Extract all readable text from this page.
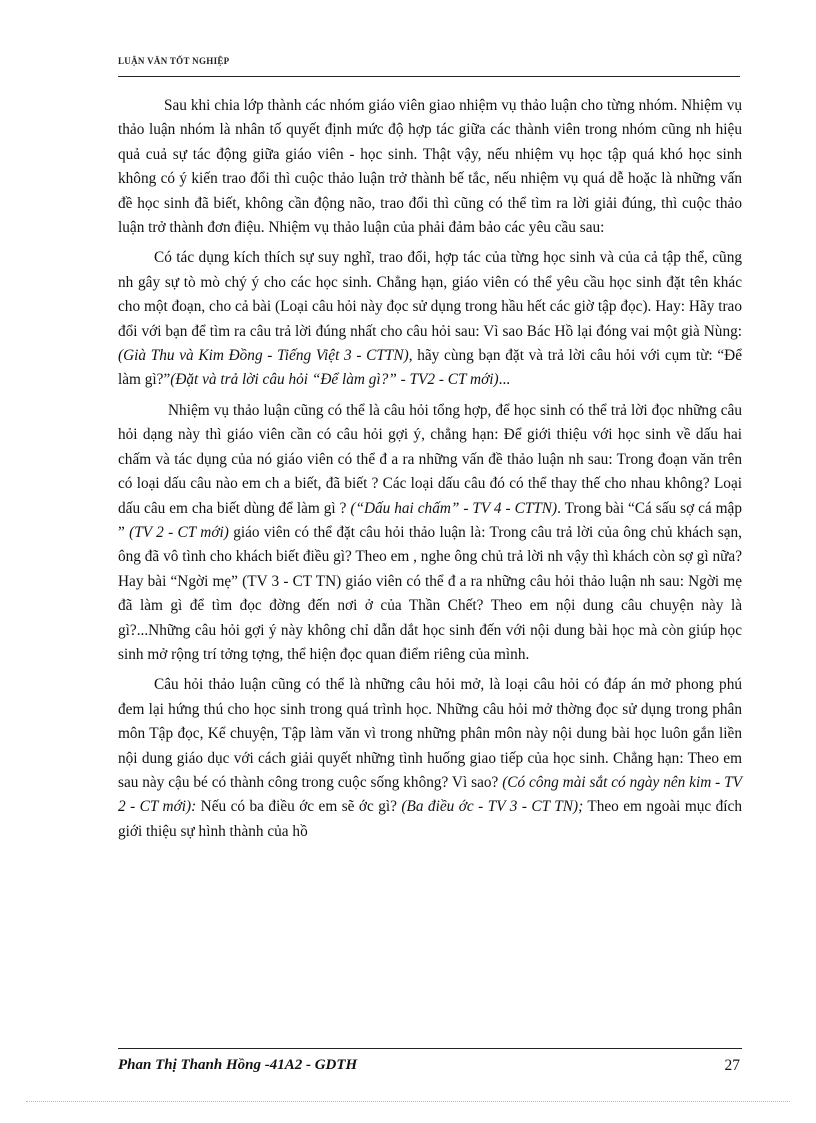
LUẬN VĂN TỐT NGHIỆP

Sau khi chia lớp thành các nhóm giáo viên giao nhiệm vụ thảo luận cho từng nhóm. Nhiệm vụ thảo luận nhóm là nhân tố quyết định mức độ hợp tác giữa các thành viên trong nhóm cũng nh hiệu quả cuả sự tác động giữa giáo viên - học sinh. Thật vậy, nếu nhiệm vụ học tập quá khó học sinh không có ý kiến trao đổi thì cuộc thảo luận trở thành bế tắc, nếu nhiệm vụ quá dễ hoặc là những vấn đề học sinh đã biết, không cần động não, trao đổi thì cũng có thể tìm ra lời giải đúng, thì cuộc thảo luận trở thành đơn điệu. Nhiệm vụ thảo luận của phải đảm bảo các yêu cầu sau:

Có tác dụng kích thích sự suy nghĩ, trao đổi, hợp tác của từng học sinh và của cả tập thể, cũng nh gây sự tò mò chý ý cho các học sinh. Chẳng hạn, giáo viên có thể yêu cầu học sinh đặt tên khác cho một đoạn, cho cả bài (Loại câu hỏi này đọc sử dụng trong hầu hết các giờ tập đọc). Hay: Hãy trao đổi với bạn để tìm ra câu trả lời đúng nhất cho câu hỏi sau: Vì sao Bác Hồ lại đóng vai một già Nùng: (Già Thu và Kim Đồng - Tiếng Việt 3 - CTTN), hãy cùng bạn đặt và trả lời câu hỏi với cụm từ: “Để làm gì?”(Đặt và trả lời câu hỏi “Để làm gì?” - TV2 - CT mới)...

Nhiệm vụ thảo luận cũng có thể là câu hỏi tổng hợp, để học sinh có thể trả lời đọc những câu hỏi dạng này thì giáo viên cần có câu hỏi gợi ý, chẳng hạn: Để giới thiệu với học sinh về dấu hai chấm và tác dụng của nó giáo viên có thể đ a ra những vấn đề thảo luận nh sau: Trong đoạn văn trên có loại dấu câu nào em ch a biết, đã biết ? Các loại dấu câu đó có thể thay thế cho nhau không? Loại dấu câu em cha biết dùng để làm gì ? (“Dấu hai chấm” - TV 4 - CTTN). Trong bài “Cá sấu sợ cá mập ” (TV 2 - CT mới) giáo viên có thể đặt câu hỏi thảo luận là: Trong câu trả lời của ông chủ khách sạn, ông đã vô tình cho khách biết điều gì? Theo em , nghe ông chủ trả lời nh vậy thì khách còn sợ gì nữa? Hay bài “Ngời mẹ” (TV 3 - CT TN) giáo viên có thể đ a ra những câu hỏi thảo luận nh sau: Ngời mẹ đã làm gì để tìm đọc đờng đến nơi ở của Thần Chết? Theo em nội dung câu chuyện này là gì?...Những câu hỏi gợi ý này không chỉ dẫn dắt học sinh đến với nội dung bài học mà còn giúp học sinh mở rộng trí tởng tợng, thể hiện đọc quan điểm riêng của mình.

Câu hỏi thảo luận cũng có thể là những câu hỏi mở, là loại câu hỏi có đáp án mở phong phú đem lại hứng thú cho học sinh trong quá trình học. Những câu hỏi mở thờng đọc sử dụng trong phân môn Tập đọc, Kể chuyện, Tập làm văn vì trong những phân môn này nội dung bài học luôn gắn liền nội dung giáo dục với cách giải quyết những tình huống giao tiếp của học sinh. Chẳng hạn: Theo em sau này cậu bé có thành công trong cuộc sống không? Vì sao? (Có công mài sắt có ngày nên kim - TV 2 - CT mới): Nếu có ba điều ớc em sẽ ớc gì? (Ba điều ớc - TV 3 - CT TN); Theo em ngoài mục đích giới thiệu sự hình thành của hồ

Phan Thị Thanh Hồng -41A2 - GDTH	27
